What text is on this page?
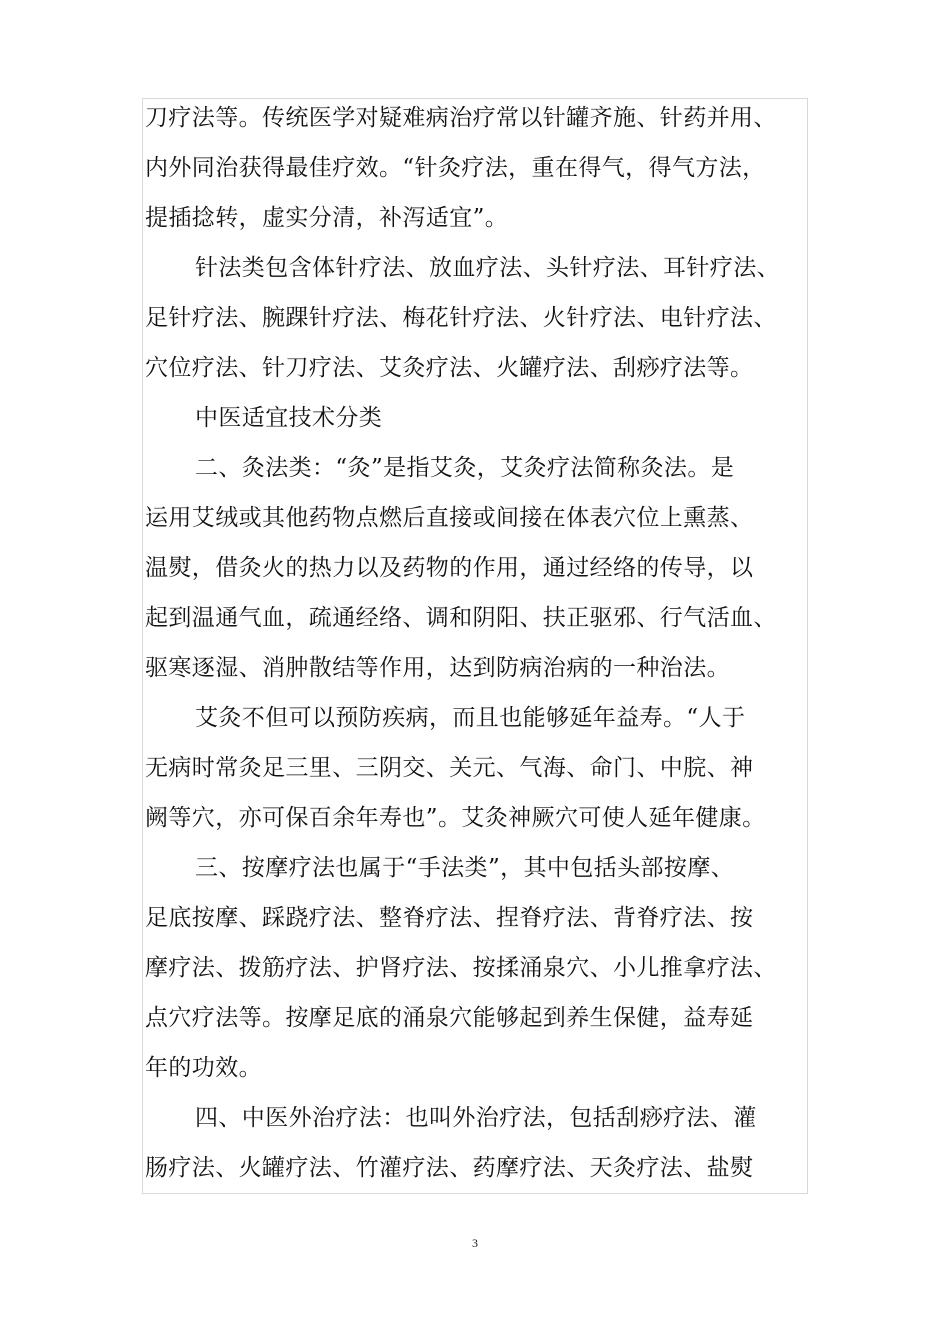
刀疗法等。传统医学对疑难病治疗常以针罐齐施、针药并用、
内外同治获得最佳疗效。“针灸疗法，重在得气，得气方法，
提插捻转，虚实分清，补泻适宜”。
针法类包含体针疗法、放血疗法、头针疗法、耳针疗法、
足针疗法、腕踝针疗法、梅花针疗法、火针疗法、电针疗法、
穴位疗法、针刀疗法、艾灸疗法、火罐疗法、刮痧疗法等。
中医适宜技术分类
二、灸法类：“灸”是指艾灸，艾灸疗法简称灸法。是
运用艾绒或其他药物点燃后直接或间接在体表穴位上熏蒸、
温熨，借灸火的热力以及药物的作用，通过经络的传导，以
起到温通气血，疏通经络、调和阴阳、扶正驱邪、行气活血、
驱寒逐湿、消肿散结等作用，达到防病治病的一种治法。
艾灸不但可以预防疾病，而且也能够延年益寿。“人于
无病时常灸足三里、三阴交、关元、气海、命门、中脘、神
阙等穴，亦可保百余年寿也”。艾灸神厥穴可使人延年健康。
三、按摩疗法也属于“手法类”，其中包括头部按摩、
足底按摩、踩跷疗法、整脊疗法、捏脊疗法、背脊疗法、按
摩疗法、拨筋疗法、护肾疗法、按揉涌泉穴、小儿推拿疗法、
点穴疗法等。按摩足底的涌泉穴能够起到养生保健，益寿延
年的功效。
四、中医外治疗法：也叫外治疗法，包括刮痧疗法、灌
肠疗法、火罐疗法、竹灌疗法、药摩疗法、天灸疗法、盐熨
3
